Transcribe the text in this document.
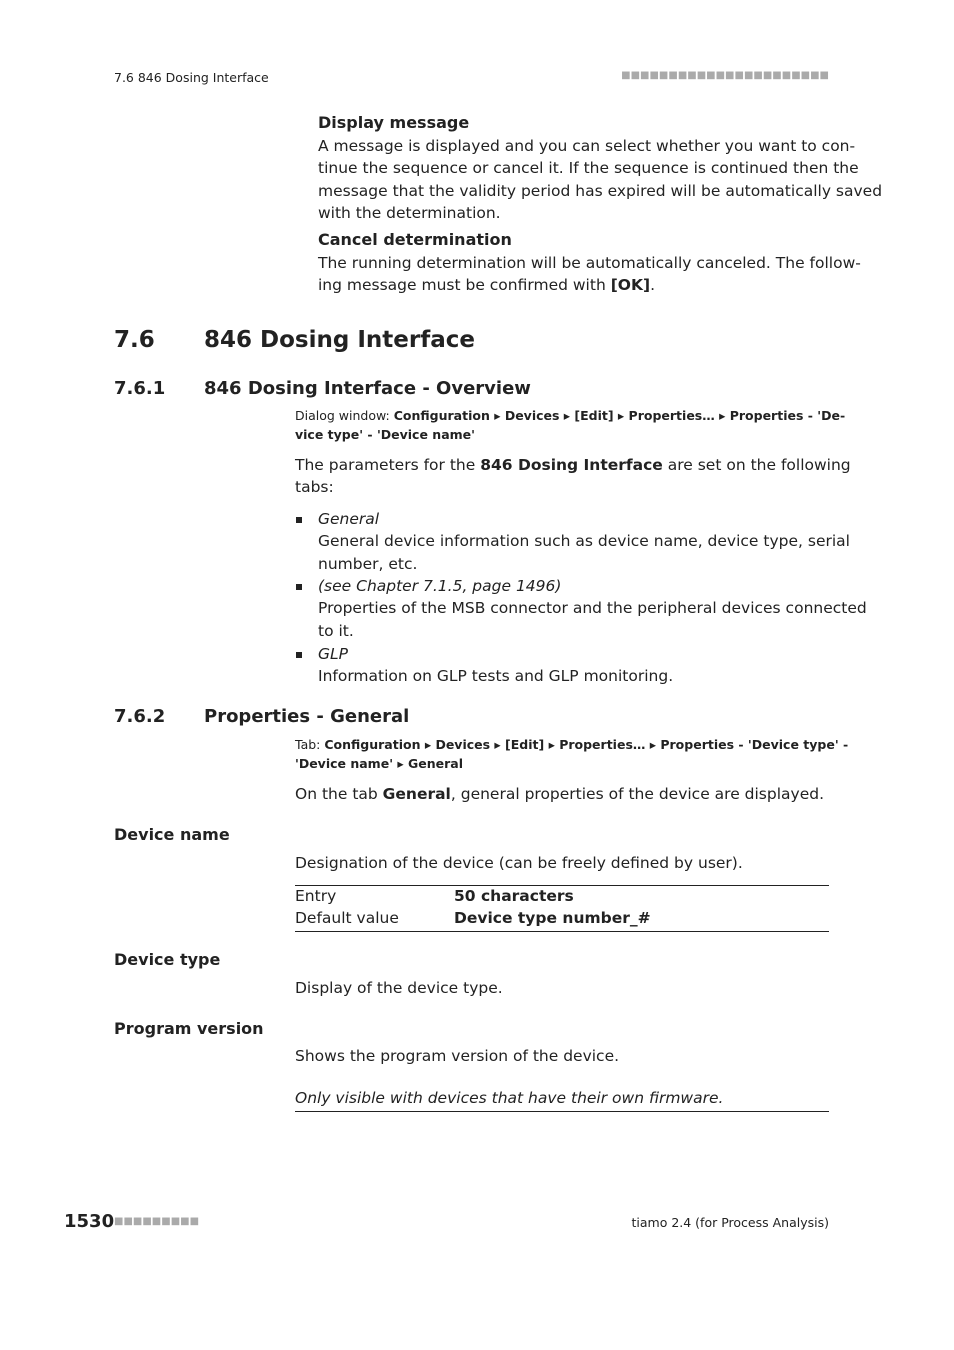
7.6 846 Dosing Interface	■■■■■■■■■■■■■■■■■■■■■■
Display message
A message is displayed and you can select whether you want to con-
tinue the sequence or cancel it. If the sequence is continued then the
message that the validity period has expired will be automatically saved
with the determination.
Cancel determination
The running determination will be automatically canceled. The follow-
ing message must be confirmed with [OK].
7.6 846 Dosing Interface
7.6.1 846 Dosing Interface - Overview
Dialog window: Configuration ▸ Devices ▸ [Edit] ▸ Properties… ▸ Properties - 'De-
vice type' - 'Device name'
The parameters for the 846 Dosing Interface are set on the following
tabs:
General
General device information such as device name, device type, serial
number, etc.
(see Chapter 7.1.5, page 1496)
Properties of the MSB connector and the peripheral devices connected
to it.
GLP
Information on GLP tests and GLP monitoring.
7.6.2 Properties - General
Tab: Configuration ▸ Devices ▸ [Edit] ▸ Properties… ▸ Properties - 'Device type' -
'Device name' ▸ General
On the tab General, general properties of the device are displayed.
Device name
Designation of the device (can be freely defined by user).
Entry	50 characters
Default value	Device type number_#
Device type
Display of the device type.
Program version
Shows the program version of the device.
Only visible with devices that have their own firmware.
1530 ■■■■■■■■■	tiamo 2.4 (for Process Analysis)
